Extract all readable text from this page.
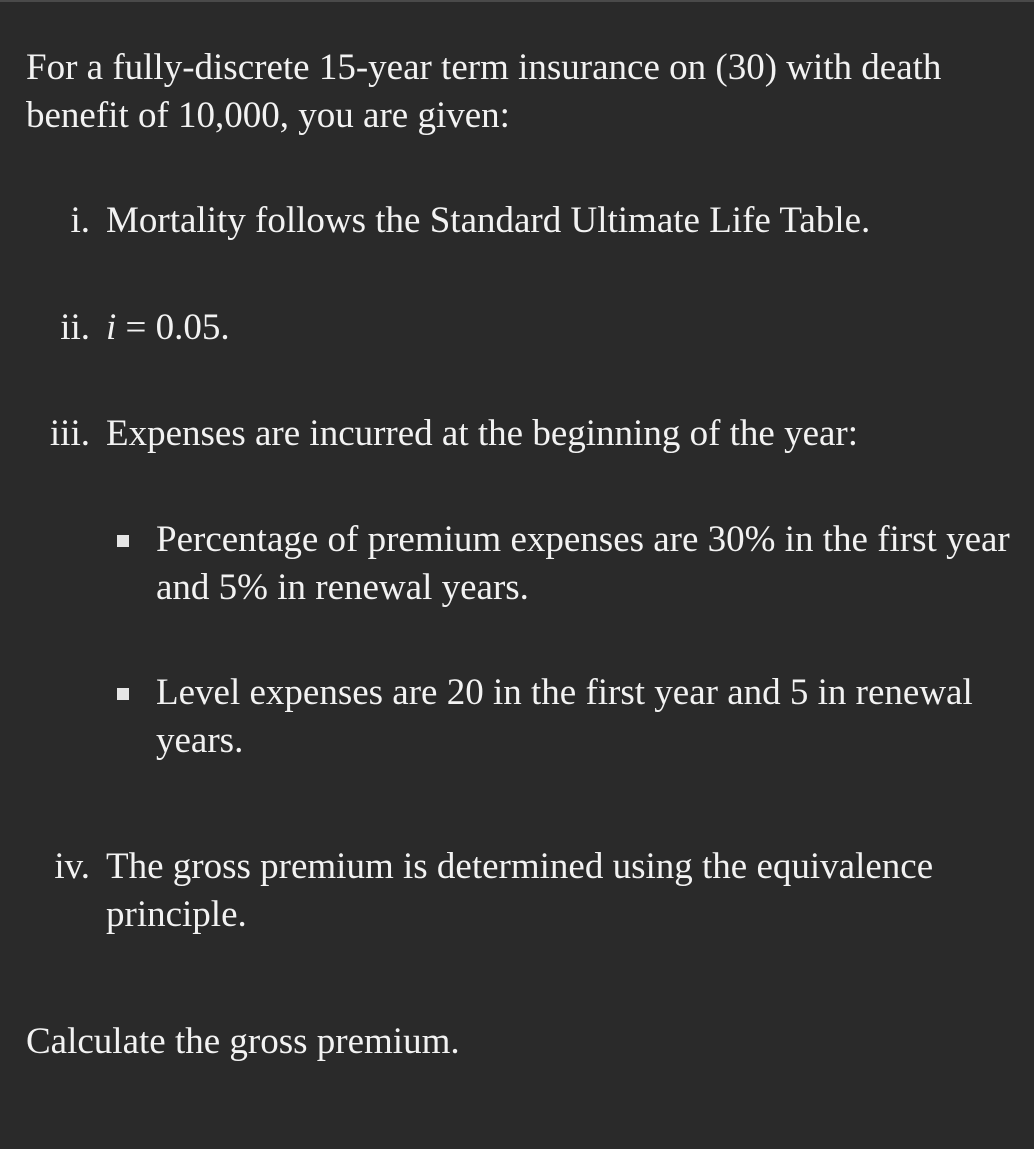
For a fully-discrete 15-year term insurance on (30) with death benefit of 10,000, you are given:

i. Mortality follows the Standard Ultimate Life Table.
ii. i = 0.05.
iii. Expenses are incurred at the beginning of the year:
Percentage of premium expenses are 30% in the first year and 5% in renewal years.
Level expenses are 20 in the first year and 5 in renewal years.
iv. The gross premium is determined using the equivalence principle.

Calculate the gross premium.
